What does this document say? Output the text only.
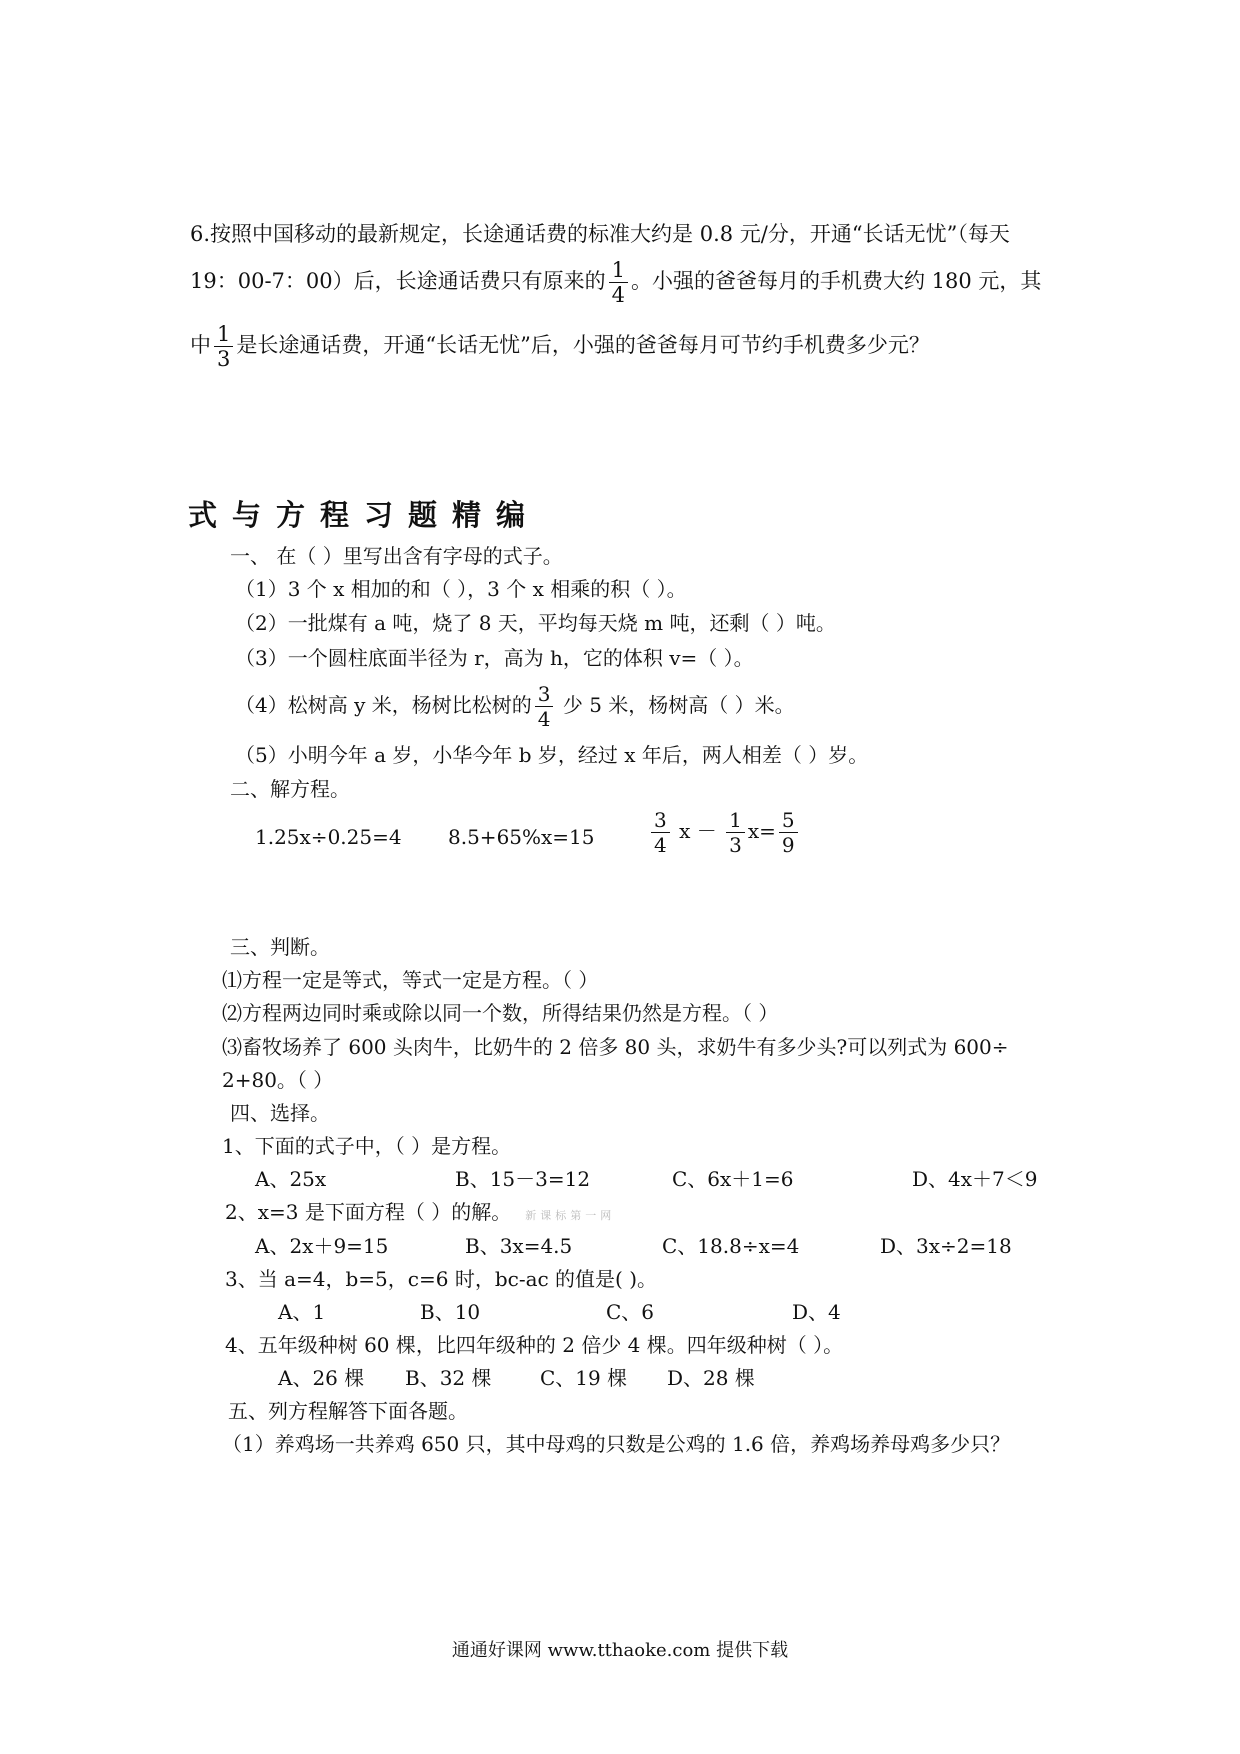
6.按照中国移动的最新规定，长途通话费的标准大约是 0.8 元/分，开通“长话无忧”（每天
19：00-7：00）后，长途通话费只有原来的 $\frac{1}{4}$ 。小强的爸爸每月的手机费大约 180 元，其
中 $\frac{1}{3}$ 是长途通话费，开通“长话无忧”后，小强的爸爸每月可节约手机费多少元？
式与方程习题精编
一、 在（ ）里写出含有字母的式子。
（1）3 个 x 相加的和（ ），3 个 x 相乘的积（ ）。
（2）一批煤有 a 吨，烧了 8 天，平均每天烧 m 吨，还剩（ ）吨。
（3）一个圆柱底面半径为 r，高为 h，它的体积 v=（ ）。
（4）松树高 y 米，杨树比松树的 $\frac{3}{4}$ 少 5 米，杨树高（ ）米。
（5）小明今年 a 岁，小华今年 b 岁，经过 x 年后，两人相差（ ）岁。
二、解方程。
1.25x÷0.25=4 8.5+65%x=15	$\frac{3}{4}$ $x - \frac{1}{3} x= \frac{5}{9}$
三、判断。
⑴方程一定是等式，等式一定是方程。（ ）
⑵方程两边同时乘或除以同一个数，所得结果仍然是方程。（ ）
⑶畜牧场养了 600 头肉牛，比奶牛的 2 倍多 80 头，求奶牛有多少头?可以列式为 600÷
2+80。（ ）
四、选择。
1、下面的式子中，（ ）是方程。
A、25x	B、15－3=12	C、6x＋1=6	D、4x＋7＜9
2、x=3 是下面方程（ ）的解。 新课标第一网
A、2x＋9=15	B、3x=4.5	C、18.8÷x=4	D、3x÷2=18
3、当 a=4，b=5，c=6 时，bc-ac 的值是( )。
A、1	B、10	C、6	D、4
4、五年级种树 60 棵，比四年级种的 2 倍少 4 棵。四年级种树（ ）。
A、26 棵 B、32 棵 C、19 棵 D、28 棵
五、列方程解答下面各题。
（1）养鸡场一共养鸡 650 只，其中母鸡的只数是公鸡的 1.6 倍，养鸡场养母鸡多少只？
通通好课网 www.tthaoke.com 提供下载
